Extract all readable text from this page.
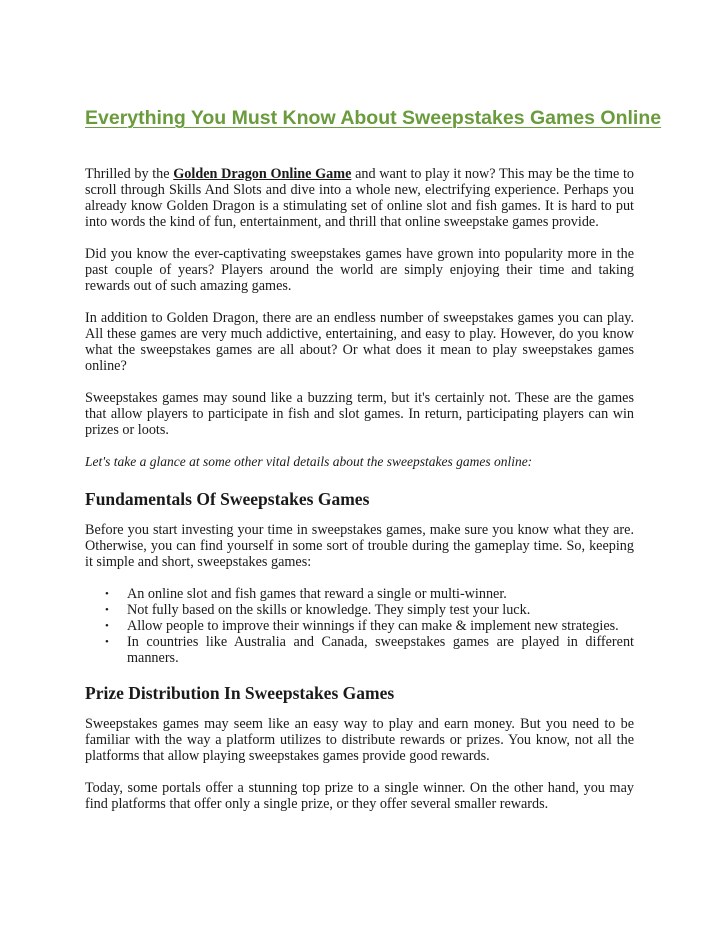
Everything You Must Know About Sweepstakes Games Online

Thrilled by the Golden Dragon Online Game and want to play it now? This may be the time to scroll through Skills And Slots and dive into a whole new, electrifying experience. Perhaps you already know Golden Dragon is a stimulating set of online slot and fish games. It is hard to put into words the kind of fun, entertainment, and thrill that online sweepstake games provide.

Did you know the ever-captivating sweepstakes games have grown into popularity more in the past couple of years? Players around the world are simply enjoying their time and taking rewards out of such amazing games.

In addition to Golden Dragon, there are an endless number of sweepstakes games you can play. All these games are very much addictive, entertaining, and easy to play. However, do you know what the sweepstakes games are all about? Or what does it mean to play sweepstakes games online?

Sweepstakes games may sound like a buzzing term, but it's certainly not. These are the games that allow players to participate in fish and slot games. In return, participating players can win prizes or loots.

Let's take a glance at some other vital details about the sweepstakes games online:

Fundamentals Of Sweepstakes Games

Before you start investing your time in sweepstakes games, make sure you know what they are. Otherwise, you can find yourself in some sort of trouble during the gameplay time. So, keeping it simple and short, sweepstakes games:

• An online slot and fish games that reward a single or multi-winner.
• Not fully based on the skills or knowledge. They simply test your luck.
• Allow people to improve their winnings if they can make & implement new strategies.
• In countries like Australia and Canada, sweepstakes games are played in different manners.
Prize Distribution In Sweepstakes Games

Sweepstakes games may seem like an easy way to play and earn money. But you need to be familiar with the way a platform utilizes to distribute rewards or prizes. You know, not all the platforms that allow playing sweepstakes games provide good rewards.

Today, some portals offer a stunning top prize to a single winner. On the other hand, you may find platforms that offer only a single prize, or they offer several smaller rewards.
